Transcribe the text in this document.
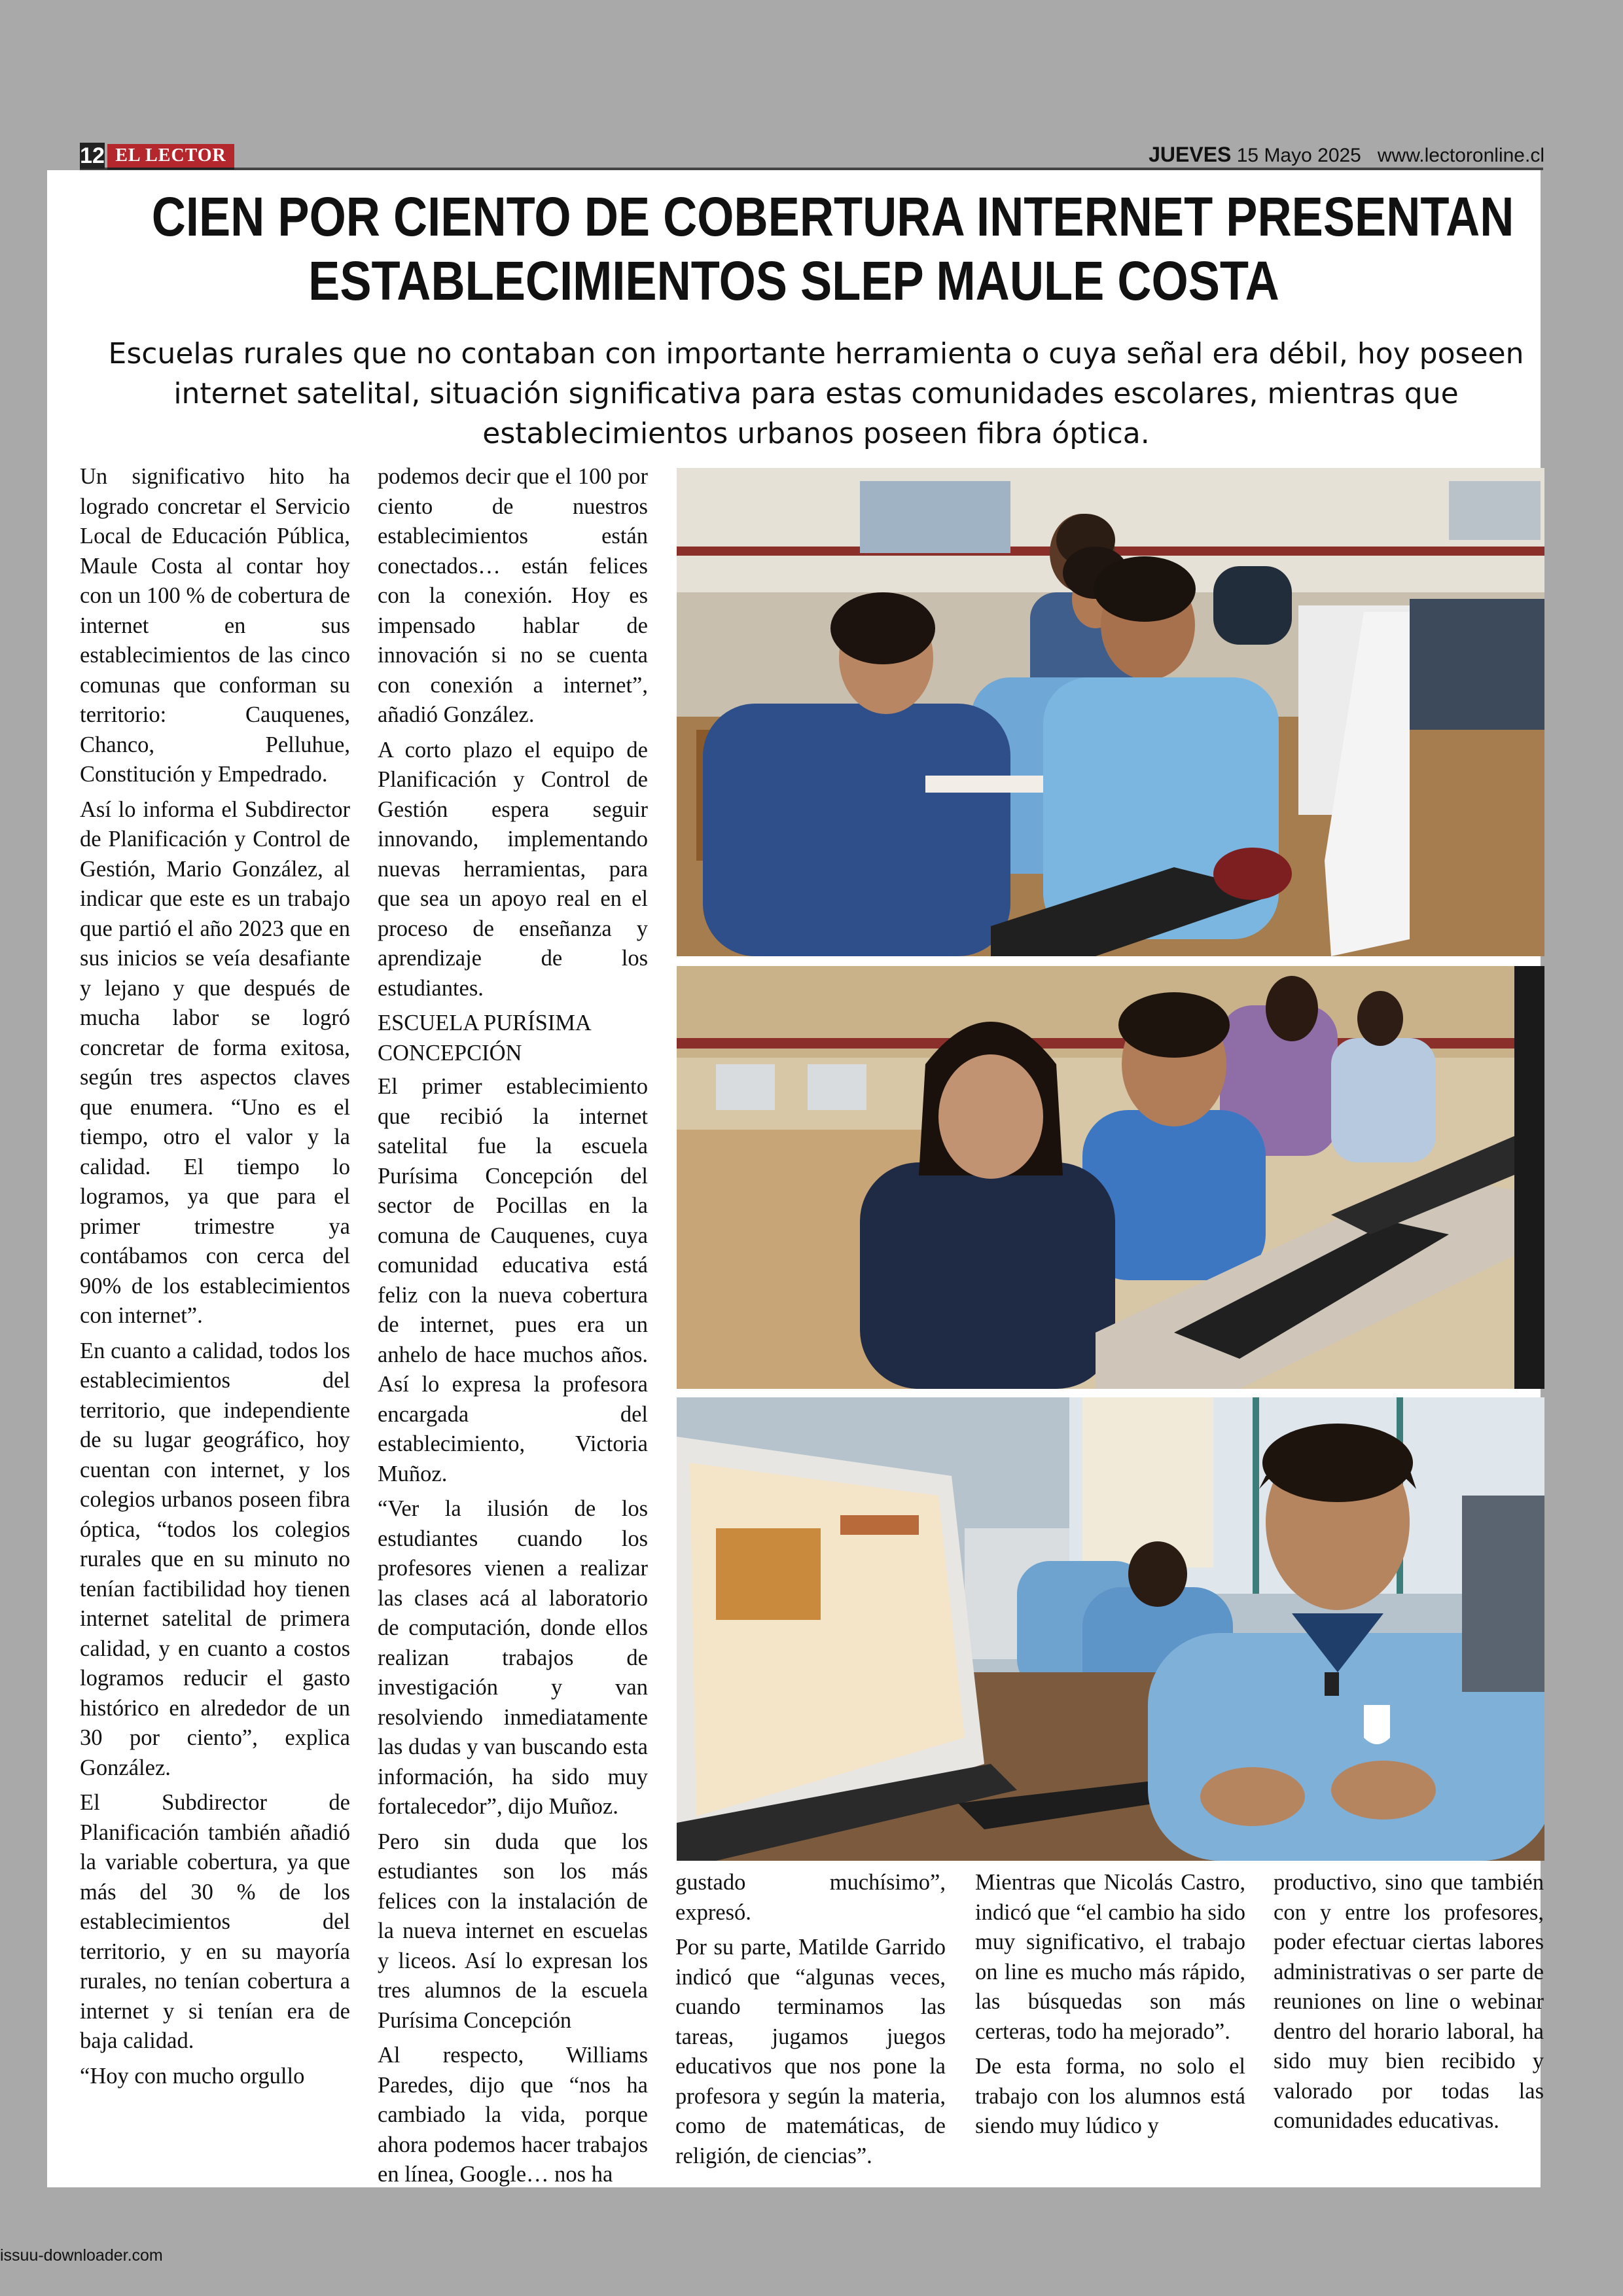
12 EL LECTOR	JUEVES 15 Mayo 2025 www.lectoronline.cl
CIEN POR CIENTO DE COBERTURA INTERNET PRESENTAN
ESTABLECIMIENTOS SLEP MAULE COSTA
Escuelas rurales que no contaban con importante herramienta o cuya señal era débil, hoy poseen internet satelital, situación significativa para estas comunidades escolares, mientras que establecimientos urbanos poseen fibra óptica.

Un significativo hito ha logrado concretar el Servicio Local de Educación Pública, Maule Costa al contar hoy con un 100 % de cobertura de internet en sus establecimientos de las cinco comunas que conforman su territorio: Cauquenes, Chanco, Pelluhue, Constitución y Empedrado.

Así lo informa el Subdirector de Planificación y Control de Gestión, Mario González, al indicar que este es un trabajo que partió el año 2023 que en sus inicios se veía desafiante y lejano y que después de mucha labor se logró concretar de forma exitosa, según tres aspectos claves que enumera. “Uno es el tiempo, otro el valor y la calidad. El tiempo lo logramos, ya que para el primer trimestre ya contábamos con cerca del 90% de los establecimientos con internet”.

En cuanto a calidad, todos los establecimientos del territorio, que independiente de su lugar geográfico, hoy cuentan con internet, y los colegios urbanos poseen fibra óptica, “todos los colegios rurales que en su minuto no tenían factibilidad hoy tienen internet satelital de primera calidad, y en cuanto a costos logramos reducir el gasto histórico en alrededor de un 30 por ciento”, explica González.

El Subdirector de Planificación también añadió la variable cobertura, ya que más del 30 % de los establecimientos del territorio, y en su mayoría rurales, no tenían cobertura a internet y si tenían era de baja calidad.

“Hoy con mucho orgullo

podemos decir que el 100 por ciento de nuestros establecimientos están conectados… están felices con la conexión. Hoy es impensado hablar de innovación si no se cuenta con conexión a internet”, añadió González.

A corto plazo el equipo de Planificación y Control de Gestión espera seguir innovando, implementando nuevas herramientas, para que sea un apoyo real en el proceso de enseñanza y aprendizaje de los estudiantes.

ESCUELA PURÍSIMA CONCEPCIÓN

El primer establecimiento que recibió la internet satelital fue la escuela Purísima Concepción del sector de Pocillas en la comuna de Cauquenes, cuya comunidad educativa está feliz con la nueva cobertura de internet, pues era un anhelo de hace muchos años. Así lo expresa la profesora encargada del establecimiento, Victoria Muñoz.

“Ver la ilusión de los estudiantes cuando los profesores vienen a realizar las clases acá al laboratorio de computación, donde ellos realizan trabajos de investigación y van resolviendo inmediatamente las dudas y van buscando esta información, ha sido muy fortalecedor”, dijo Muñoz.

Pero sin duda que los estudiantes son los más felices con la instalación de la nueva internet en escuelas y liceos. Así lo expresan los tres alumnos de la escuela Purísima Concepción

Al respecto, Williams Paredes, dijo que “nos ha cambiado la vida, porque ahora podemos hacer trabajos en línea, Google… nos ha

gustado muchísimo”, expresó.

Por su parte, Matilde Garrido indicó que “algunas veces, cuando terminamos las tareas, jugamos juegos educativos que nos pone la profesora y según la materia, como de matemáticas, de religión, de ciencias”.

Mientras que Nicolás Castro, indicó que “el cambio ha sido muy significativo, el trabajo on line es mucho más rápido, las búsquedas son más certeras, todo ha mejorado”.

De esta forma, no solo el trabajo con los alumnos está siendo muy lúdico y

productivo, sino que también con y entre los profesores, poder efectuar ciertas labores administrativas o ser parte de reuniones on line o webinar dentro del horario laboral, ha sido muy bien recibido y valorado por todas las comunidades educativas.

issuu-downloader.com
